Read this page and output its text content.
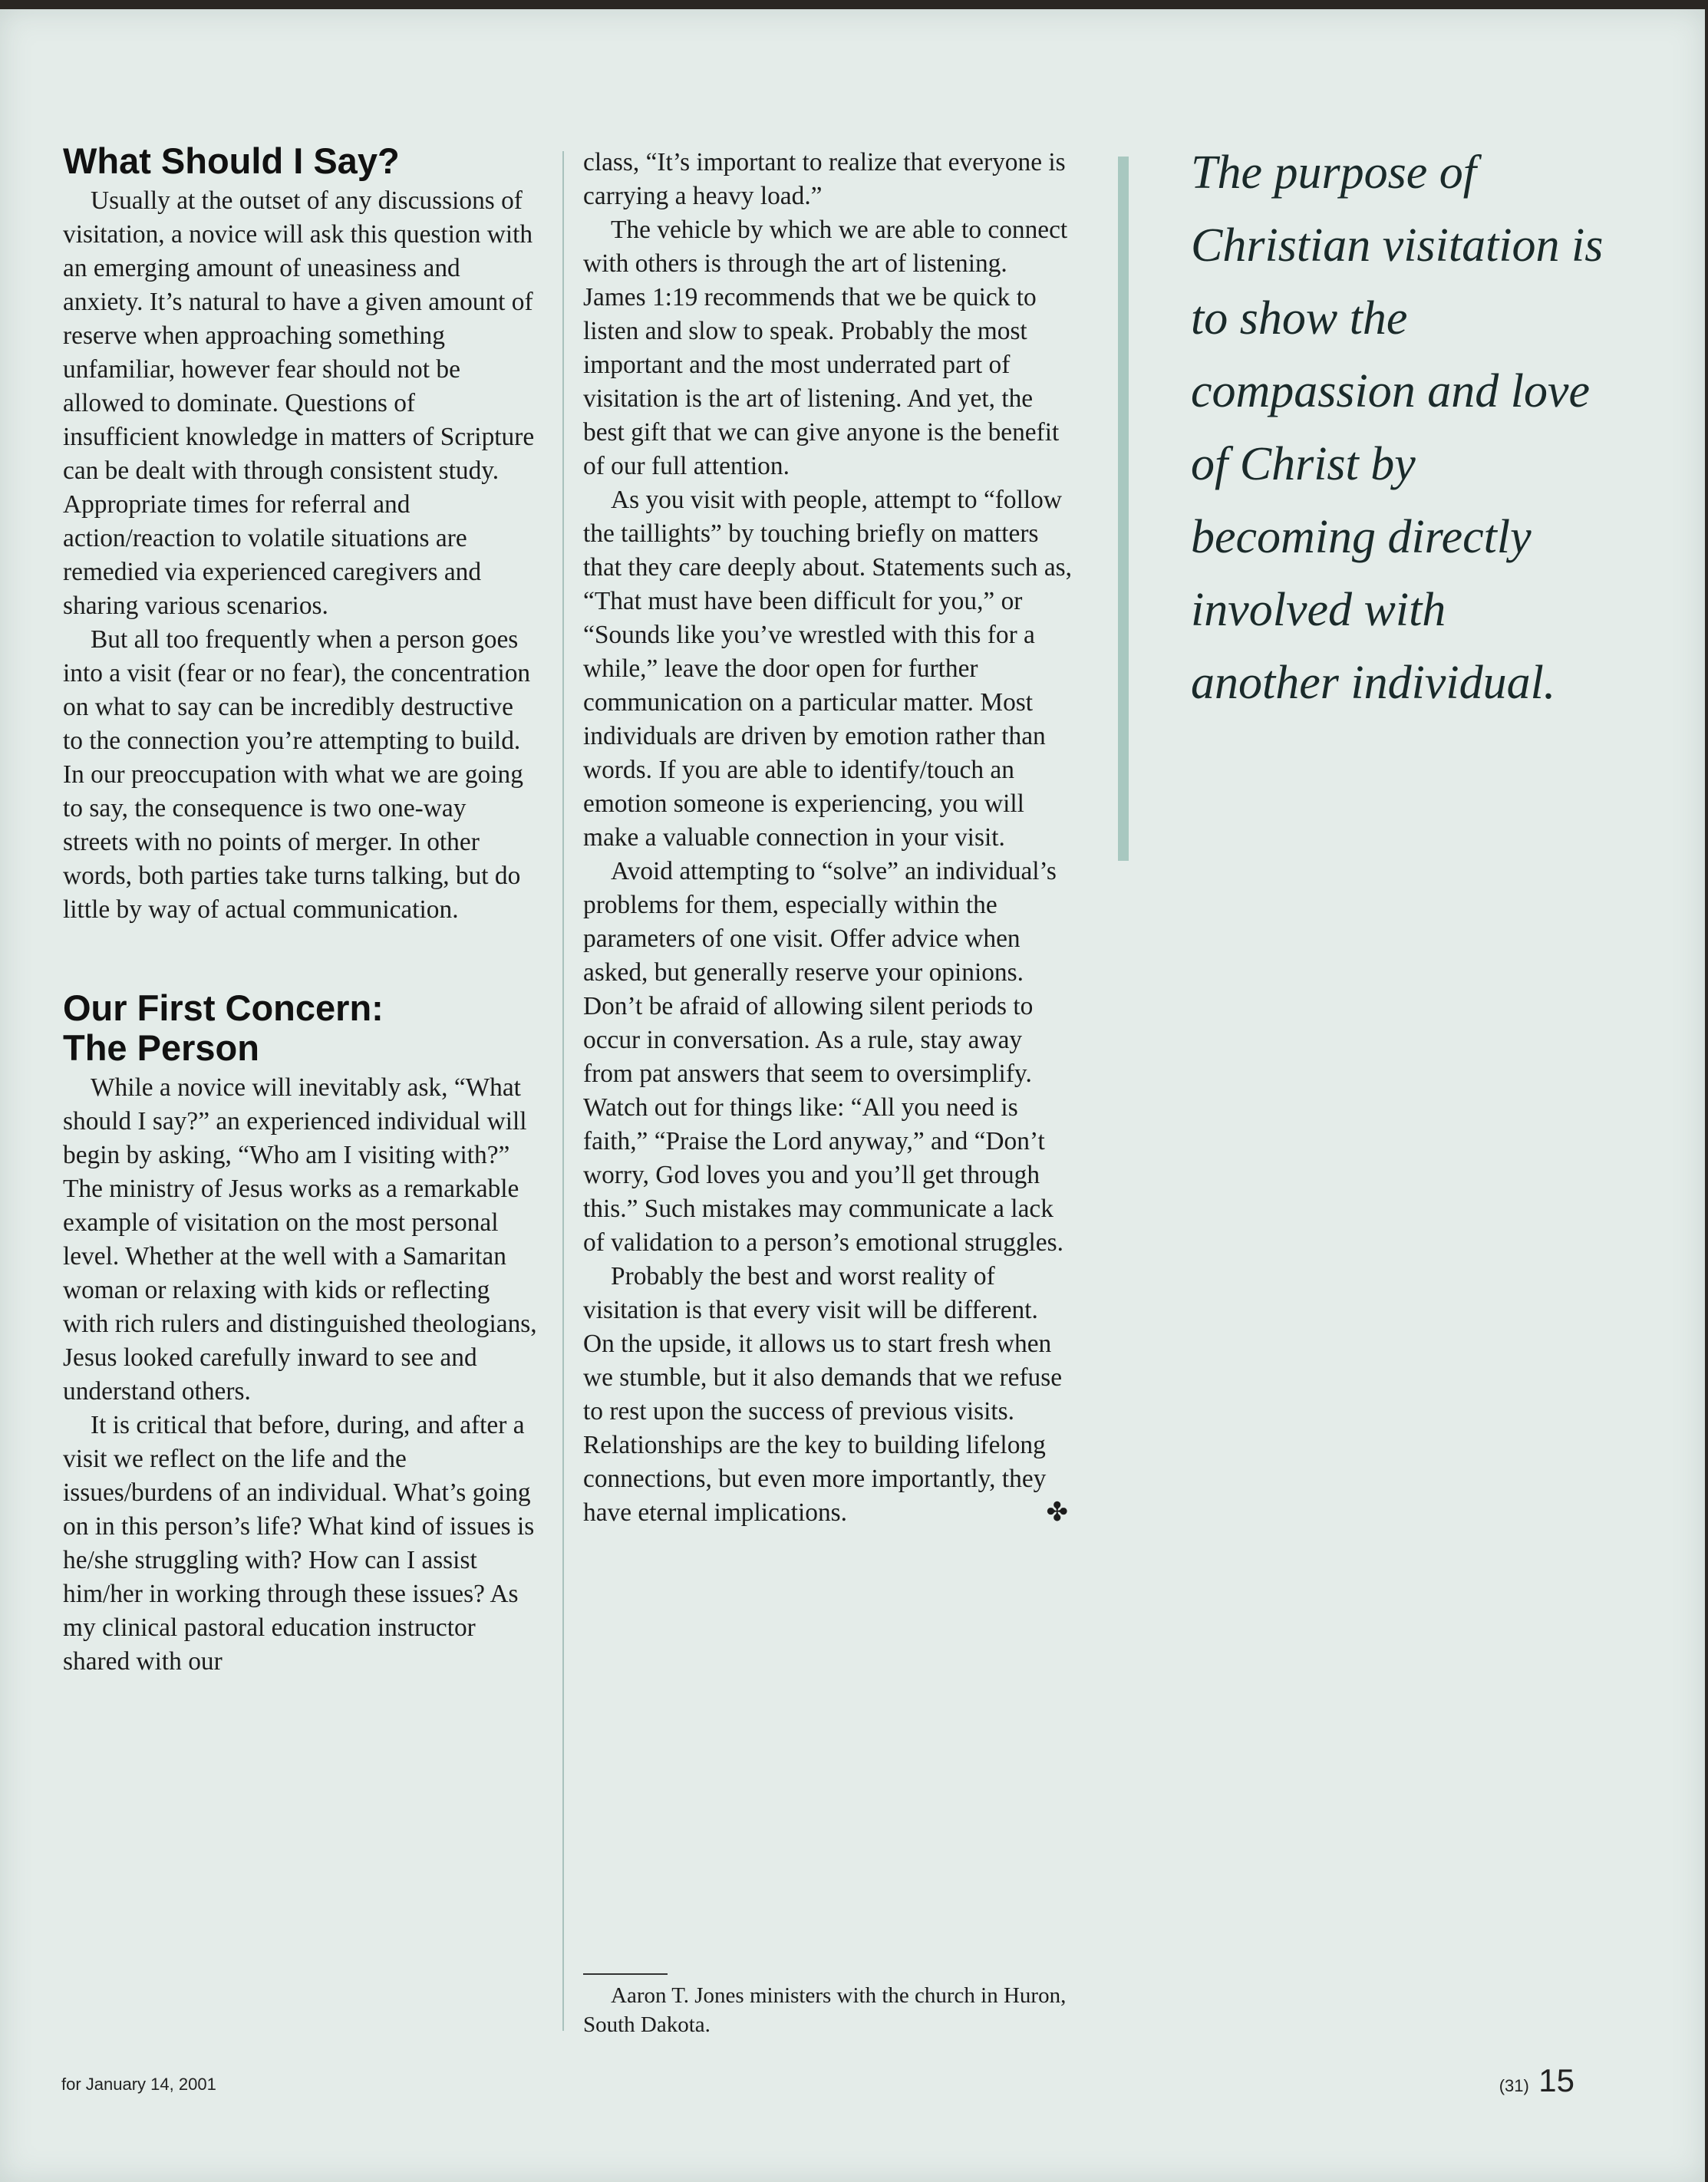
What Should I Say?

Usually at the outset of any discussions of visitation, a novice will ask this question with an emerging amount of uneasiness and anxiety. It’s natural to have a given amount of reserve when approaching something unfamiliar, however fear should not be allowed to dominate. Questions of insufficient knowledge in matters of Scripture can be dealt with through consistent study. Appropriate times for referral and action/reaction to volatile situations are remedied via experienced caregivers and sharing various scenarios.

But all too frequently when a person goes into a visit (fear or no fear), the concentration on what to say can be incredibly destructive to the connection you’re attempting to build. In our preoccupation with what we are going to say, the consequence is two one-way streets with no points of merger. In other words, both parties take turns talking, but do little by way of actual communication.

Our First Concern:
The Person

While a novice will inevitably ask, “What should I say?” an experienced individual will begin by asking, “Who am I visiting with?” The ministry of Jesus works as a remarkable example of visitation on the most personal level. Whether at the well with a Samaritan woman or relaxing with kids or reflecting with rich rulers and distinguished theologians, Jesus looked carefully inward to see and understand others.

It is critical that before, during, and after a visit we reflect on the life and the issues/burdens of an individual. What’s going on in this person’s life? What kind of issues is he/she struggling with? How can I assist him/her in working through these issues? As my clinical pastoral education instructor shared with our

class, “It’s important to realize that everyone is carrying a heavy load.”

The vehicle by which we are able to connect with others is through the art of listening. James 1:19 recommends that we be quick to listen and slow to speak. Probably the most important and the most underrated part of visitation is the art of listening. And yet, the best gift that we can give anyone is the benefit of our full attention.

As you visit with people, attempt to “follow the taillights” by touching briefly on matters that they care deeply about. Statements such as, “That must have been difficult for you,” or “Sounds like you’ve wrestled with this for a while,” leave the door open for further communication on a particular matter. Most individuals are driven by emotion rather than words. If you are able to identify/touch an emotion someone is experiencing, you will make a valuable connection in your visit.

Avoid attempting to “solve” an individual’s problems for them, especially within the parameters of one visit. Offer advice when asked, but generally reserve your opinions. Don’t be afraid of allowing silent periods to occur in conversation. As a rule, stay away from pat answers that seem to oversimplify. Watch out for things like: “All you need is faith,” “Praise the Lord anyway,” and “Don’t worry, God loves you and you’ll get through this.” Such mistakes may communicate a lack of validation to a person’s emotional struggles.

Probably the best and worst reality of visitation is that every visit will be different. On the upside, it allows us to start fresh when we stumble, but it also demands that we refuse to rest upon the success of previous visits. Relationships are the key to building lifelong connections, but even more importantly, they have eternal implications.	✤

Aaron T. Jones ministers with the church in Huron, South Dakota.
The purpose of Christian visitation is to show the compassion and love of Christ by becoming directly involved with another individual.
for January 14, 2001	(31) 15
